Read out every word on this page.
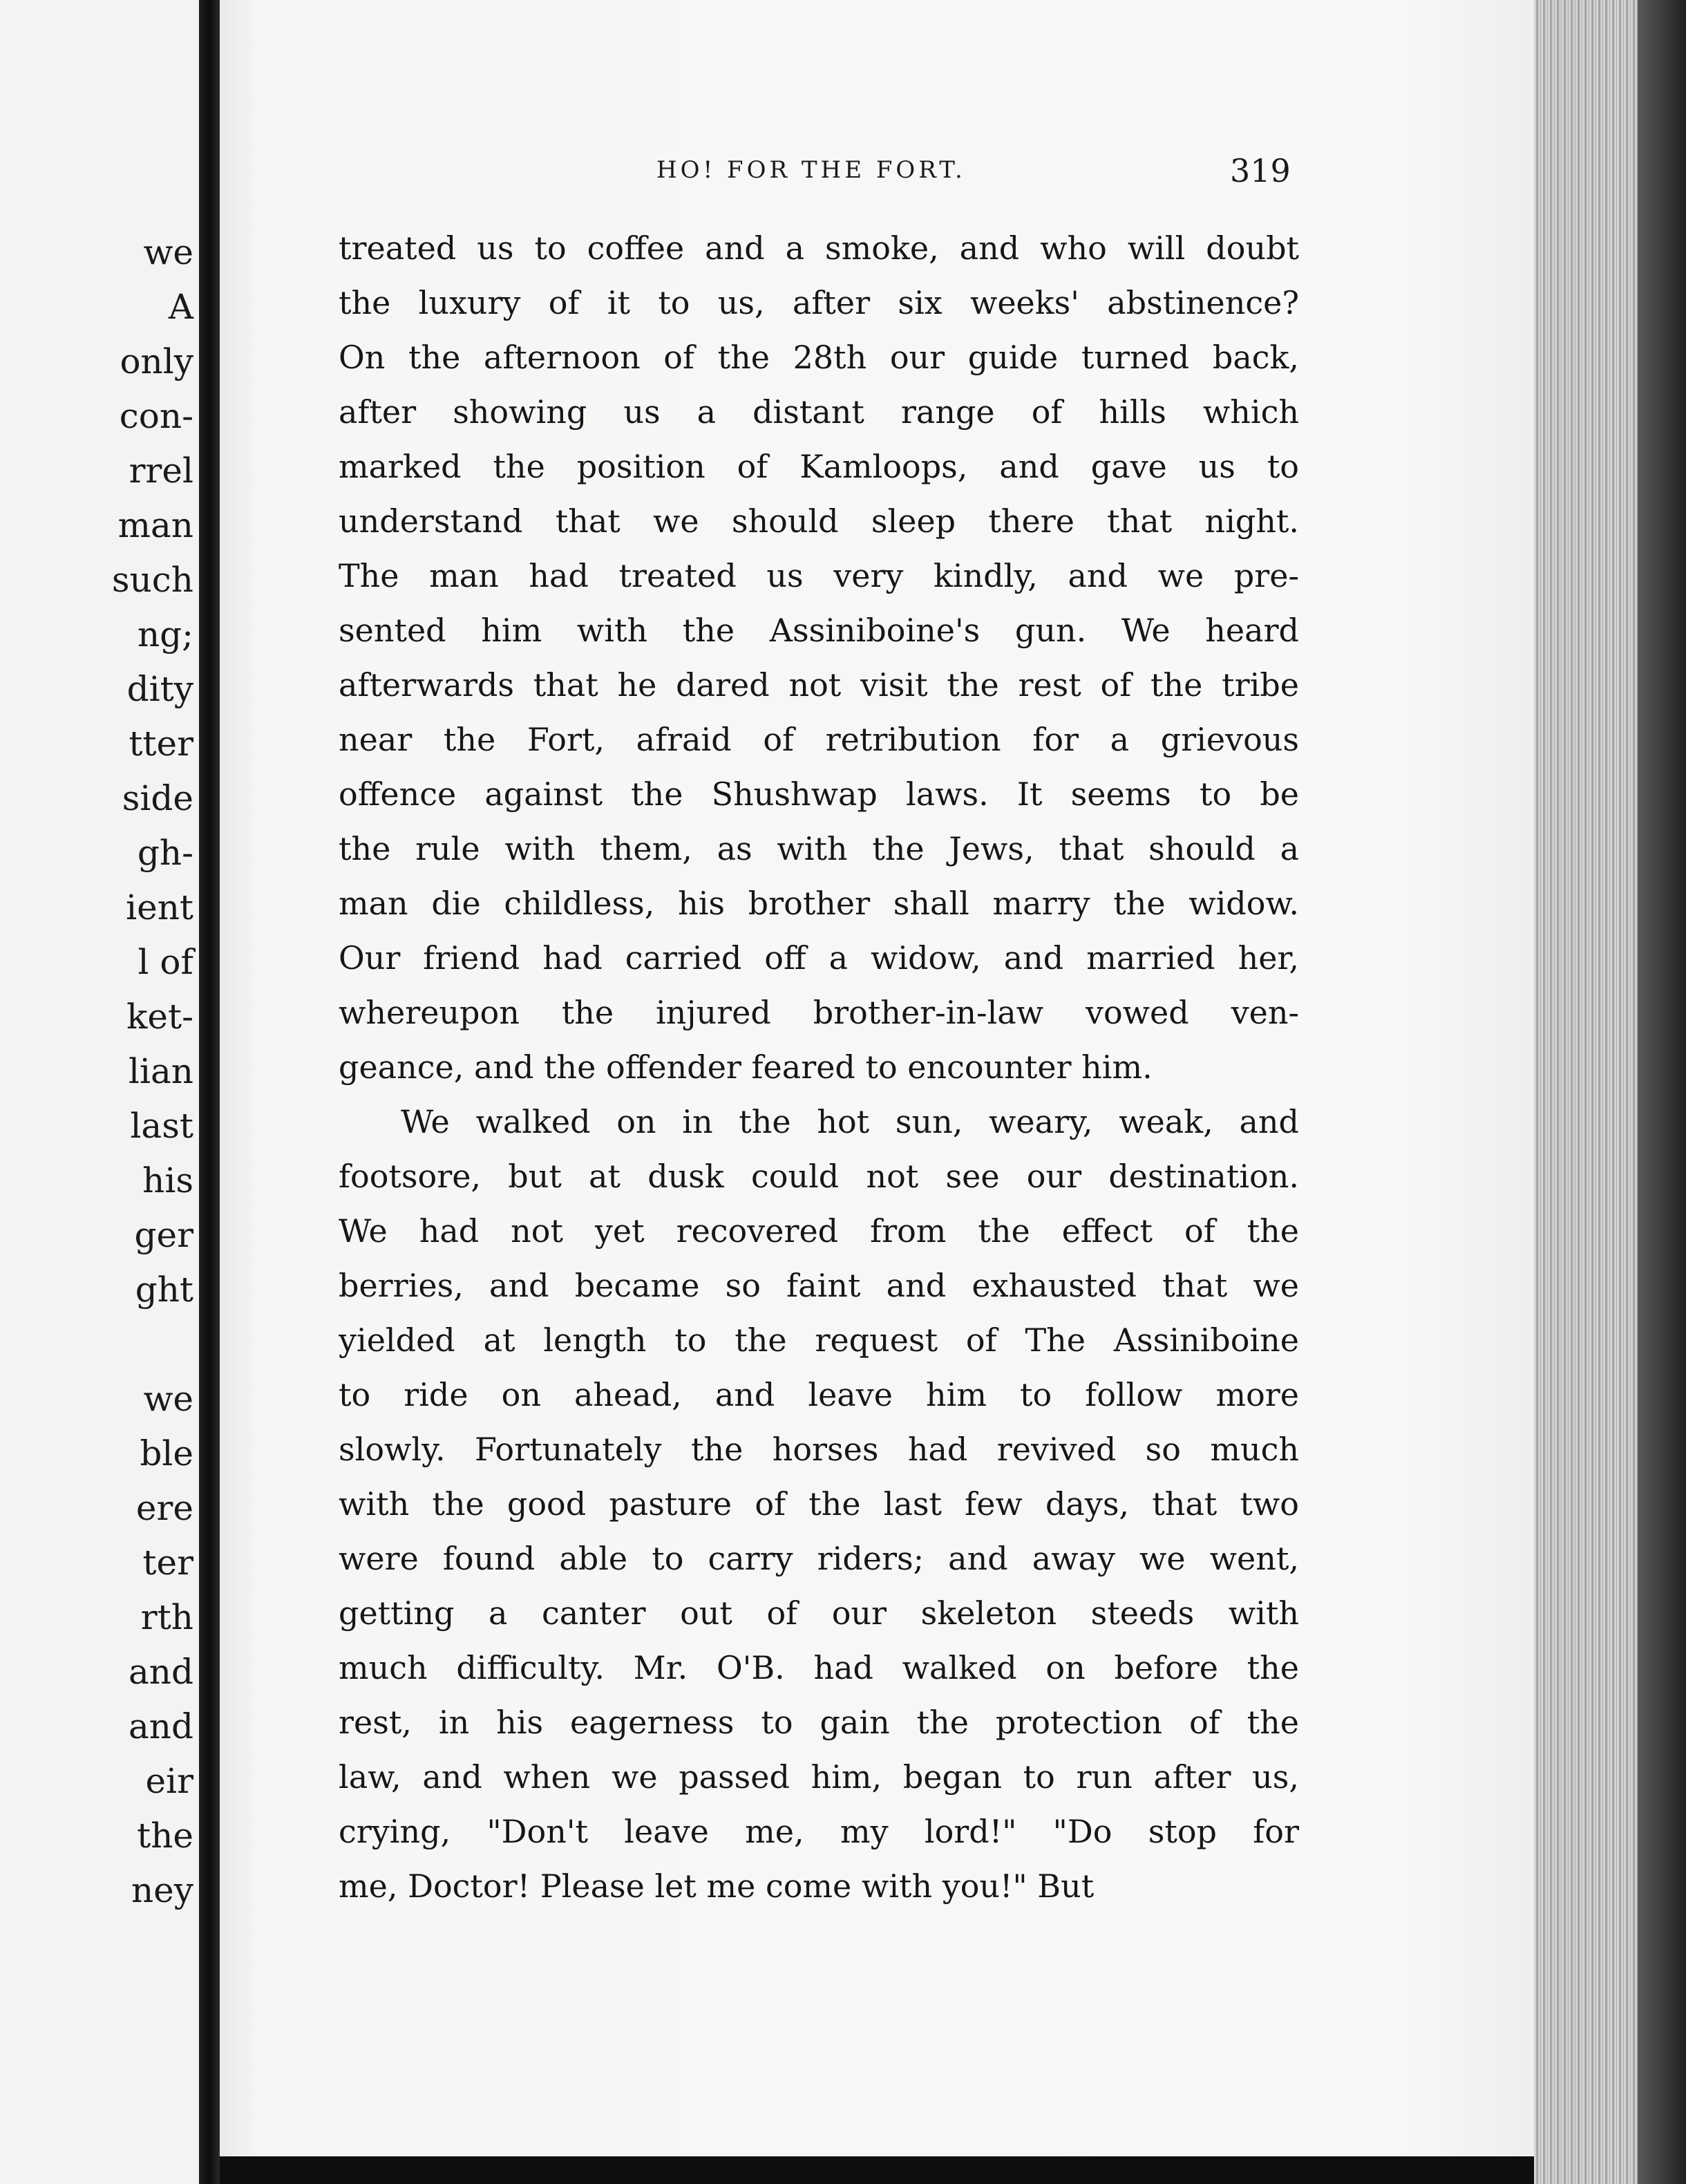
we
A
only
con-
rrel
man
such
ng;
dity
tter
side
gh-
ient
l of
ket-
lian
last
his
ger
ght
we
ble
ere
ter
rth
and
and
eir
the
ney
HO! FOR THE FORT.	319
treated us to coffee and a smoke, and who will doubt
the luxury of it to us, after six weeks' abstinence?
On the afternoon of the 28th our guide turned back,
after showing us a distant range of hills which
marked the position of Kamloops, and gave us to
understand that we should sleep there that night.
The man had treated us very kindly, and we pre-
sented him with the Assiniboine's gun. We heard
afterwards that he dared not visit the rest of the tribe
near the Fort, afraid of retribution for a grievous
offence against the Shushwap laws. It seems to be
the rule with them, as with the Jews, that should a
man die childless, his brother shall marry the widow.
Our friend had carried off a widow, and married her,
whereupon the injured brother-in-law vowed ven-
geance, and the offender feared to encounter him.
We walked on in the hot sun, weary, weak, and
footsore, but at dusk could not see our destination.
We had not yet recovered from the effect of the
berries, and became so faint and exhausted that we
yielded at length to the request of The Assiniboine
to ride on ahead, and leave him to follow more
slowly. Fortunately the horses had revived so much
with the good pasture of the last few days, that two
were found able to carry riders; and away we went,
getting a canter out of our skeleton steeds with
much difficulty. Mr. O'B. had walked on before the
rest, in his eagerness to gain the protection of the
law, and when we passed him, began to run after us,
crying, "Don't leave me, my lord!" "Do stop for
me, Doctor! Please let me come with you!" But
